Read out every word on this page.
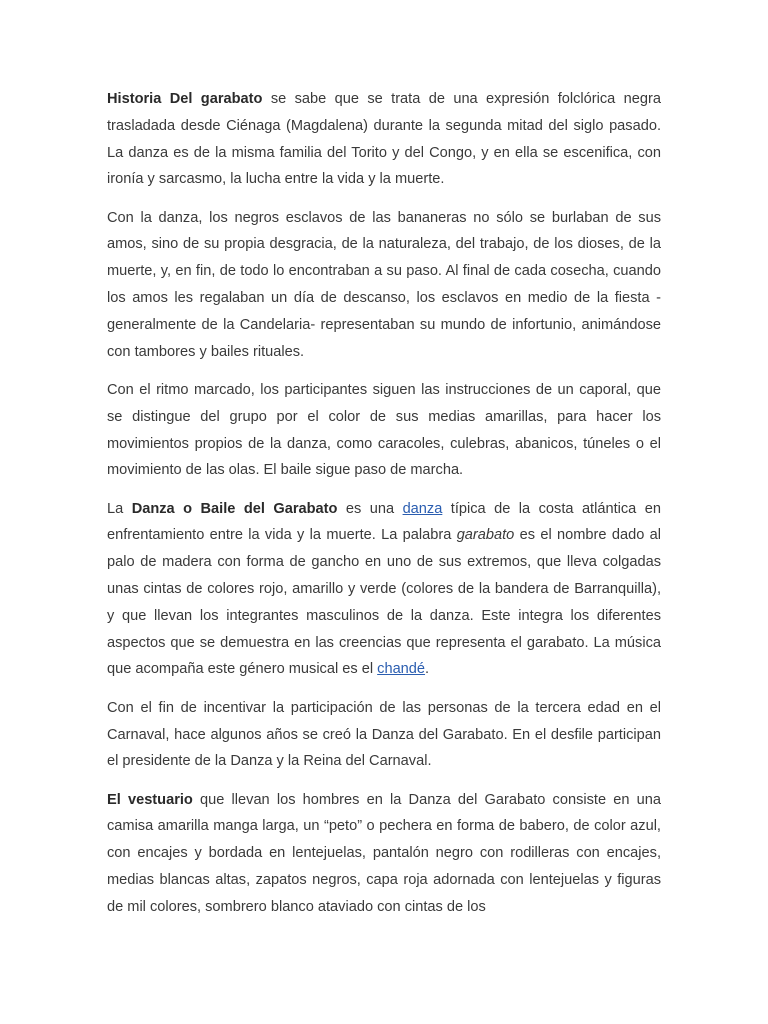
Historia Del garabato se sabe que se trata de una expresión folclórica negra trasladada desde Ciénaga (Magdalena) durante la segunda mitad del siglo pasado. La danza es de la misma familia del Torito y del Congo, y en ella se escenifica, con ironía y sarcasmo, la lucha entre la vida y la muerte.

Con la danza, los negros esclavos de las bananeras no sólo se burlaban de sus amos, sino de su propia desgracia, de la naturaleza, del trabajo, de los dioses, de la muerte, y, en fin, de todo lo encontraban a su paso. Al final de cada cosecha, cuando los amos les regalaban un día de descanso, los esclavos en medio de la fiesta -generalmente de la Candelaria- representaban su mundo de infortunio, animándose con tambores y bailes rituales.

Con el ritmo marcado, los participantes siguen las instrucciones de un caporal, que se distingue del grupo por el color de sus medias amarillas, para hacer los movimientos propios de la danza, como caracoles, culebras, abanicos, túneles o el movimiento de las olas. El baile sigue paso de marcha.

La Danza o Baile del Garabato es una danza típica de la costa atlántica en enfrentamiento entre la vida y la muerte. La palabra garabato es el nombre dado al palo de madera con forma de gancho en uno de sus extremos, que lleva colgadas unas cintas de colores rojo, amarillo y verde (colores de la bandera de Barranquilla), y que llevan los integrantes masculinos de la danza. Este integra los diferentes aspectos que se demuestra en las creencias que representa el garabato. La música que acompaña este género musical es el chandé.

Con el fin de incentivar la participación de las personas de la tercera edad en el Carnaval, hace algunos años se creó la Danza del Garabato. En el desfile participan el presidente de la Danza y la Reina del Carnaval.

El vestuario que llevan los hombres en la Danza del Garabato consiste en una camisa amarilla manga larga, un “peto” o pechera en forma de babero, de color azul, con encajes y bordada en lentejuelas, pantalón negro con rodilleras con encajes, medias blancas altas, zapatos negros, capa roja adornada con lentejuelas y figuras de mil colores, sombrero blanco ataviado con cintas de los
